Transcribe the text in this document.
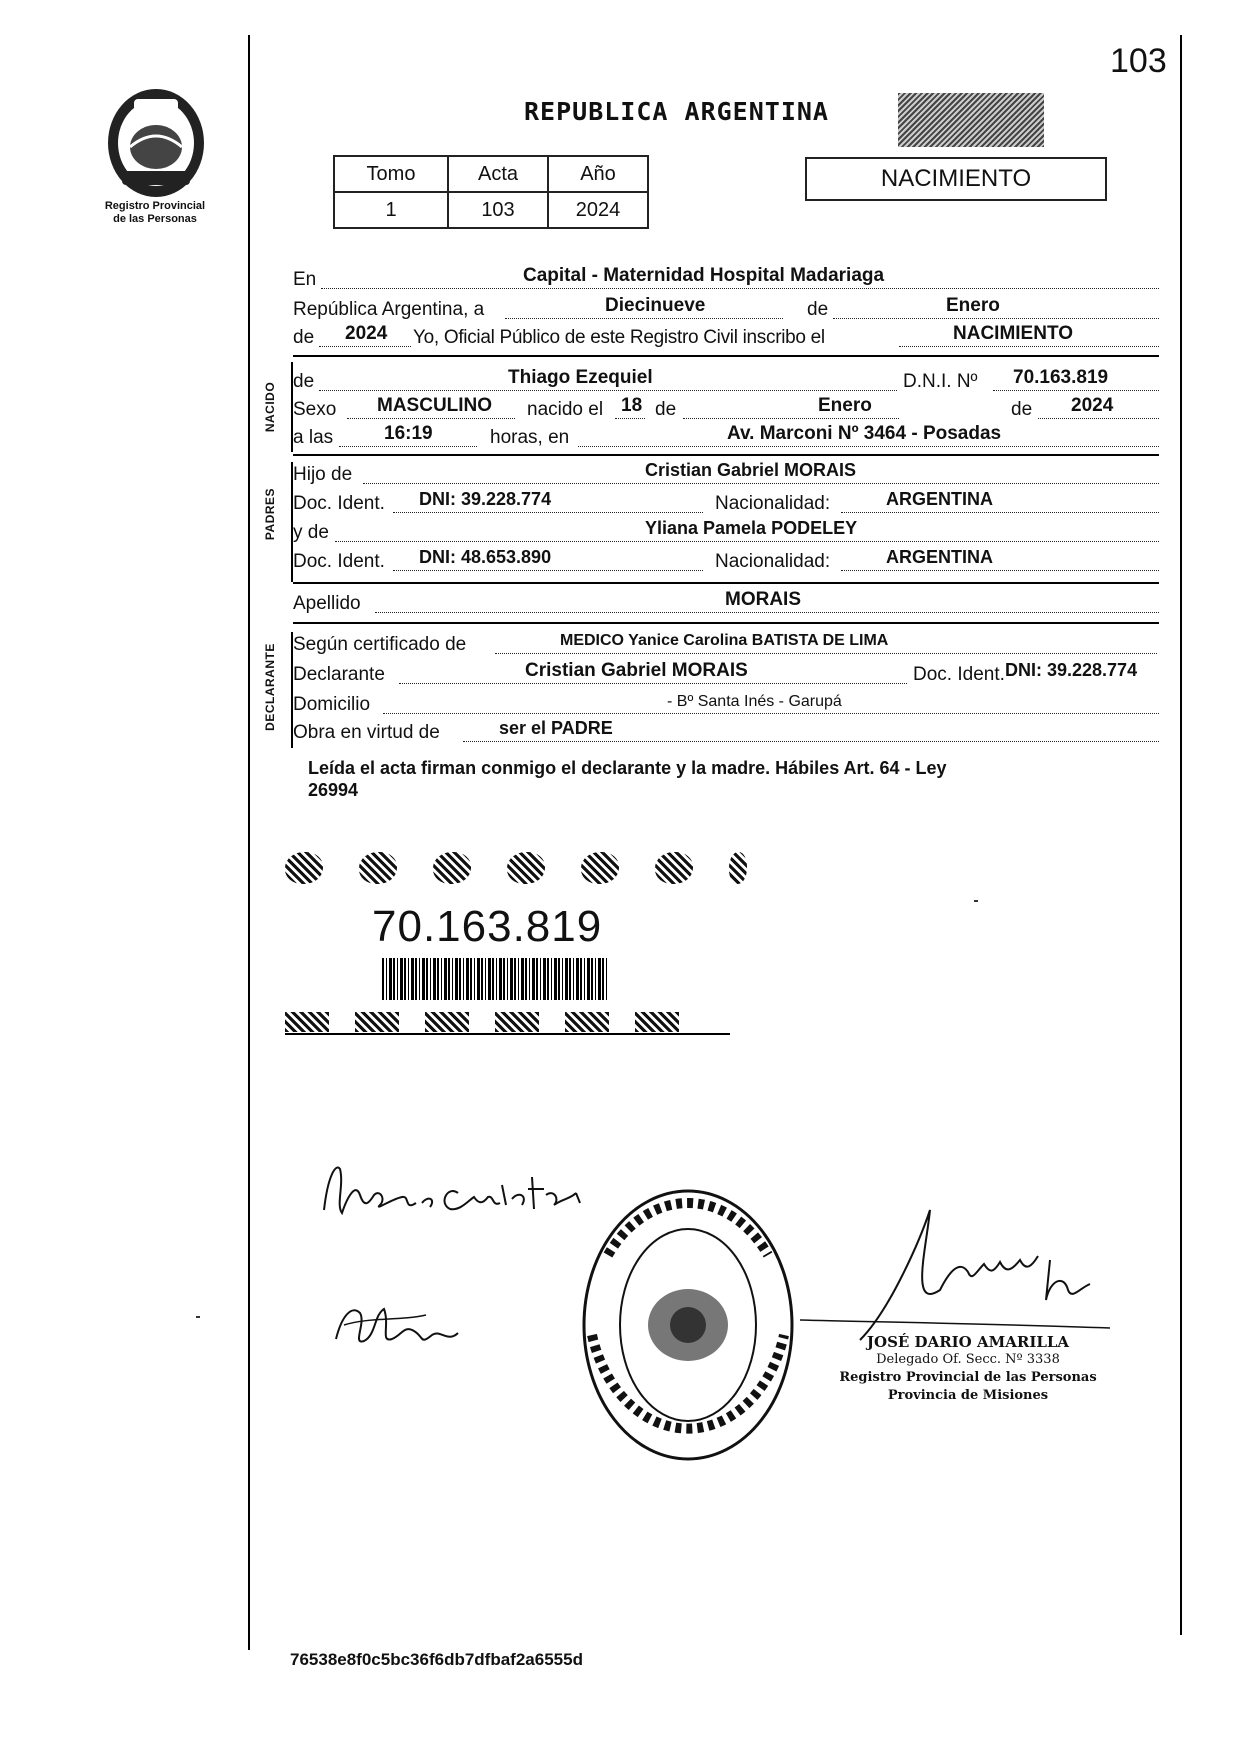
103
Registro Provincial
de las Personas
REPUBLICA ARGENTINA
Tomo	Acta	Año
1	103	2024
NACIMIENTO
En	Capital - Maternidad Hospital Madariaga
República Argentina, a	Diecinueve	de	Enero
de 2024 Yo, Oficial Público de este Registro Civil inscribo el	NACIMIENTO
NACIDO
de	Thiago Ezequiel	D.N.I. Nº 70.163.819
Sexo MASCULINO nacido el 18 de	Enero	de 2024
a las	16:19	horas, en	Av. Marconi Nº 3464 - Posadas
PADRES
Hijo de	Cristian Gabriel MORAIS
Doc. Ident. DNI: 39.228.774	Nacionalidad:	ARGENTINA
y de	Yliana Pamela PODELEY
Doc. Ident. DNI: 48.653.890	Nacionalidad:	ARGENTINA
Apellido	MORAIS
DECLARANTE Según certificado de	MEDICO Yanice Carolina BATISTA DE LIMA
Declarante	Cristian Gabriel MORAIS	Doc. Ident. DNI: 39.228.774
Domicilio	- Bº Santa Inés - Garupá
Obra en virtud de	ser el PADRE
Leída el acta firman conmigo el declarante y la madre. Hábiles Art. 64 - Ley
26994
70.163.819
JOSÉ DARIO AMARILLA
Delegado Of. Secc. Nº 3338
Registro Provincial de las Personas
Provincia de Misiones
76538e8f0c5bc36f6db7dfbaf2a6555d
